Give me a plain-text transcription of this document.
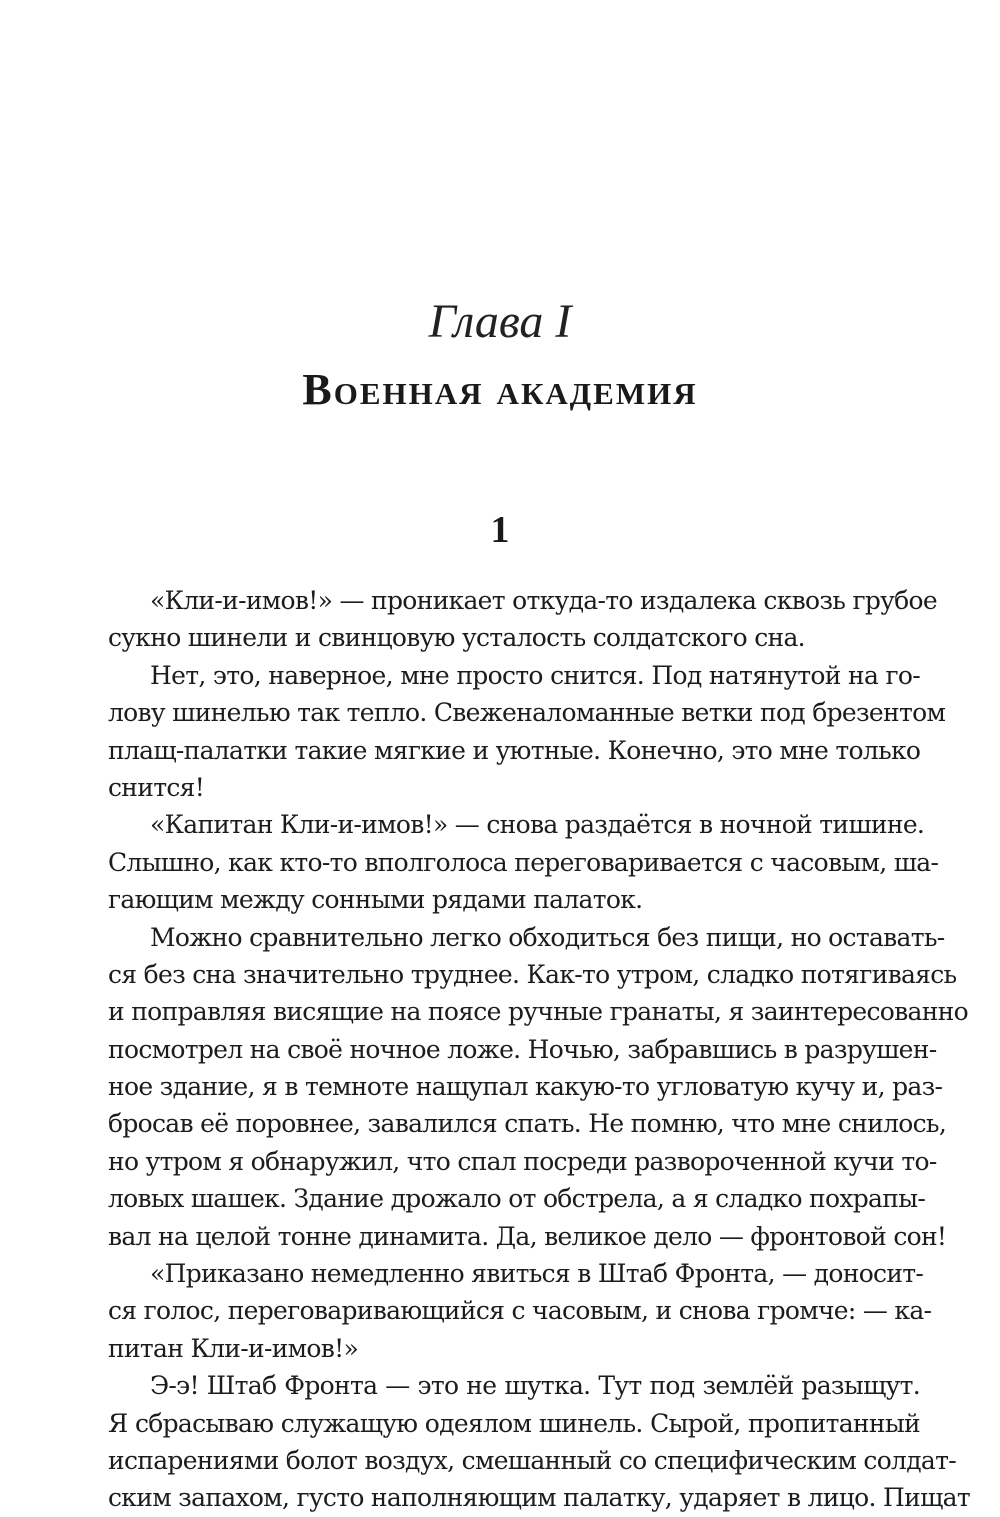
Глава I
Военная академия
1
«Кли-и-имов!» — проникает откуда-то издалека сквозь грубое
сукно шинели и свинцовую усталость солдатского сна.
Нет, это, наверное, мне просто снится. Под натянутой на го-
лову шинелью так тепло. Свеженаломанные ветки под брезентом
плащ-палатки такие мягкие и уютные. Конечно, это мне только
снится!
«Капитан Кли-и-имов!» — снова раздаётся в ночной тишине.
Слышно, как кто-то вполголоса переговаривается с часовым, ша-
гающим между сонными рядами палаток.
Можно сравнительно легко обходиться без пищи, но оставать-
ся без сна значительно труднее. Как-то утром, сладко потягиваясь
и поправляя висящие на поясе ручные гранаты, я заинтересованно
посмотрел на своё ночное ложе. Ночью, забравшись в разрушен-
ное здание, я в темноте нащупал какую-то угловатую кучу и, раз-
бросав её поровнее, завалился спать. Не помню, что мне снилось,
но утром я обнаружил, что спал посреди развороченной кучи то-
ловых шашек. Здание дрожало от обстрела, а я сладко похрапы-
вал на целой тонне динамита. Да, великое дело — фронтовой сон!
«Приказано немедленно явиться в Штаб Фронта, — доносит-
ся голос, переговаривающийся с часовым, и снова громче: — ка-
питан Кли-и-имов!»
Э-э! Штаб Фронта — это не шутка. Тут под землёй разыщут.
Я сбрасываю служащую одеялом шинель. Сырой, пропитанный
испарениями болот воздух, смешанный со специфическим солдат-
ским запахом, густо наполняющим палатку, ударяет в лицо. Пищат
